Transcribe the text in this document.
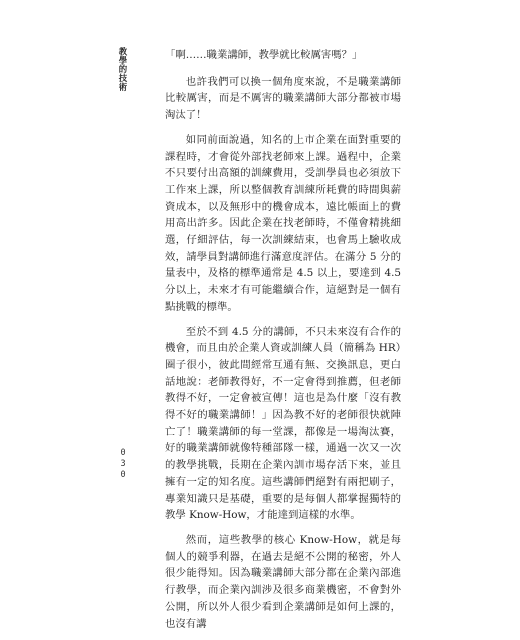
教學的技術	「啊……職業講師，教學就比較厲害嗎？」

也許我們可以換一個角度來說，不是職業講師比較厲害，而是不厲害的職業講師大部分都被市場淘汰了！

如同前面說過，知名的上市企業在面對重要的課程時，才會從外部找老師來上課。過程中，企業不只要付出高額的訓練費用，受訓學員也必須放下工作來上課，所以整個教育訓練所耗費的時間與薪資成本，以及無形中的機會成本，遠比帳面上的費用高出許多。因此企業在找老師時，不僅會精挑細選，仔細評估，每一次訓練結束，也會馬上驗收成效，請學員對講師進行滿意度評估。在滿分 5 分的量表中，及格的標準通常是 4.5 以上，要達到 4.5 分以上，未來才有可能繼續合作，這絕對是一個有點挑戰的標準。

至於不到 4.5 分的講師，不只未來沒有合作的機會，而且由於企業人資或訓練人員（簡稱為 HR）圈子很小，彼此間經常互通有無、交換訊息，更白話地說：老師教得好，不一定會得到推薦，但老師教得不好，一定會被宣傳！這也是為什麼「沒有教得不好的職業講師！」因為教不好的老師很快就陣亡了！職業講師的每一堂課，都像是一場淘汰賽，好的職業講師就像特種部隊一樣，通過一次又一次的教學挑戰，長期在企業內訓市場存活下來，並且擁有一定的知名度。這些講師們絕對有兩把刷子，專業知識只是基礎，重要的是每個人都掌握獨特的教學 Know-How，才能達到這樣的水準。

然而，這些教學的核心 Know-How，就是每個人的競爭利器，在過去是絕不公開的秘密，外人很少能得知。因為職業講師大部分都在企業內部進行教學，而企業內訓涉及很多商業機密，不會對外公開，所以外人很少看到企業講師是如何上課的，也沒有講

030
